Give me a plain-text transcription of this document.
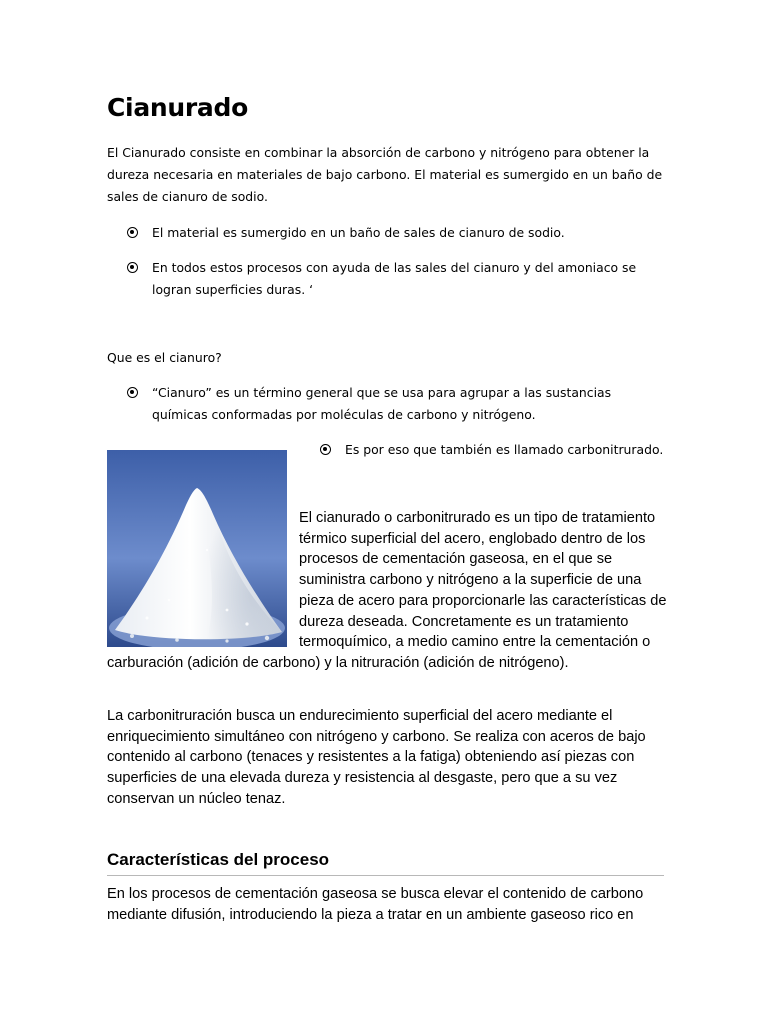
Cianurado
El Cianurado consiste en combinar la absorción de carbono y nitrógeno para obtener la dureza necesaria en materiales de bajo carbono. El material es sumergido en un baño de sales de cianuro de sodio.
El material es sumergido en un baño de sales de cianuro de sodio.
En todos estos procesos con ayuda de las sales del cianuro y del amoniaco se logran superficies duras. ‘
Que es el cianuro?
“Cianuro” es un término general que se usa para agrupar a las sustancias químicas conformadas por moléculas de carbono y nitrógeno.
Es por eso que también es llamado carbonitrurado.
El cianurado o carbonitrurado es un tipo de tratamiento térmico superficial del acero, englobado dentro de los procesos de cementación gaseosa, en el que se suministra carbono y nitrógeno a la superficie de una pieza de acero para proporcionarle las características de dureza deseada. Concretamente es un tratamiento termoquímico, a medio camino entre la cementación o carburación (adición de carbono) y la nitruración (adición de nitrógeno).
La carbonitruración busca un endurecimiento superficial del acero mediante el enriquecimiento simultáneo con nitrógeno y carbono. Se realiza con aceros de bajo contenido al carbono (tenaces y resistentes a la fatiga) obteniendo así piezas con superficies de una elevada dureza y resistencia al desgaste, pero que a su vez conservan un núcleo tenaz.
Características del proceso
En los procesos de cementación gaseosa se busca elevar el contenido de carbono mediante difusión, introduciendo la pieza a tratar en un ambiente gaseoso rico en
